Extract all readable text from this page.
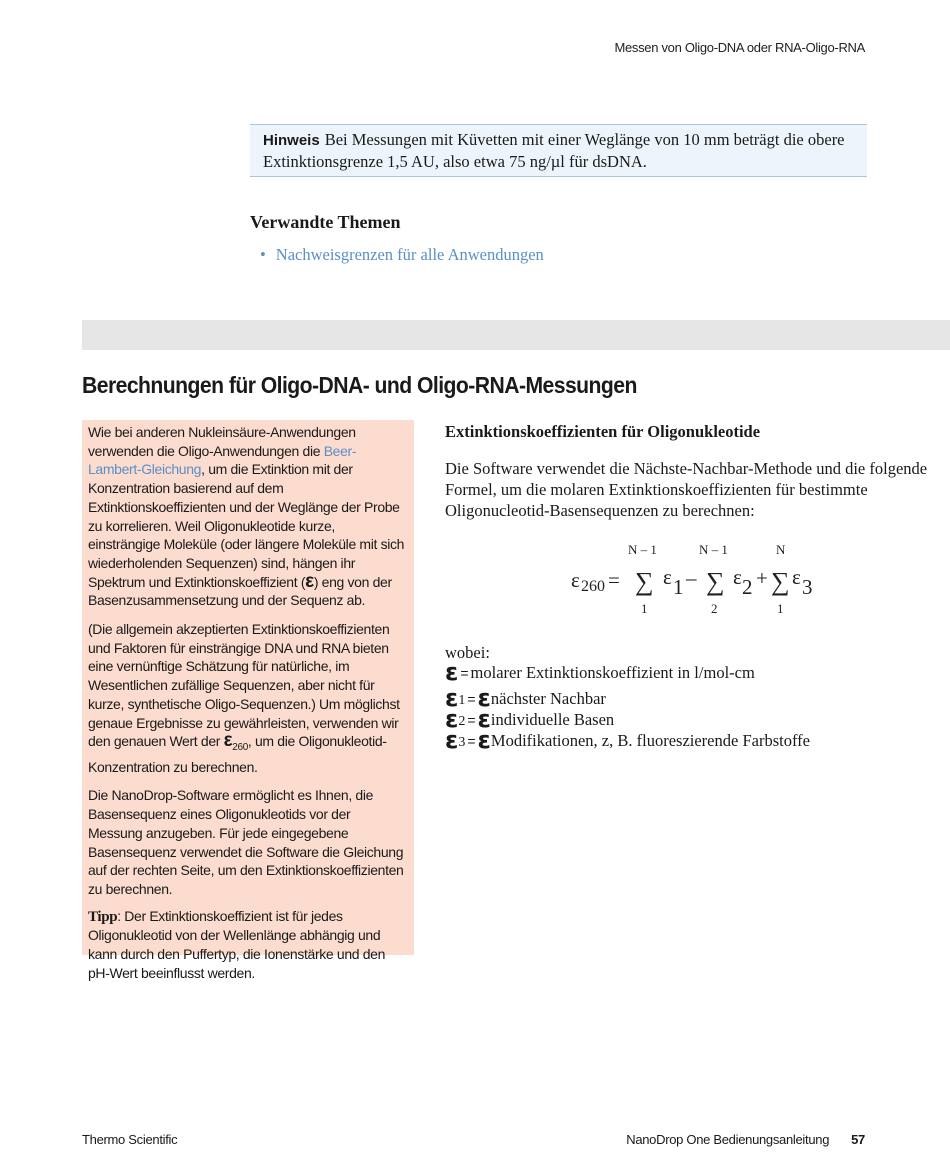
Messen von Oligo-DNA oder RNA-Oligo-RNA
Hinweis Bei Messungen mit Küvetten mit einer Weglänge von 10 mm beträgt die obere Extinktionsgrenze 1,5 AU, also etwa 75 ng/µl für dsDNA.
Verwandte Themen
• Nachweisgrenzen für alle Anwendungen
Berechnungen für Oligo-DNA- und Oligo-RNA-Messungen

Wie bei anderen Nukleinsäure-Anwendungen verwenden die Oligo-Anwendungen die Beer-Lambert-Gleichung, um die Extinktion mit der Konzentration basierend auf dem Extinktionskoeffizienten und der Weglänge der Probe zu korrelieren. Weil Oligonukleotide kurze, einsträngige Moleküle (oder längere Moleküle mit sich wiederholenden Sequenzen) sind, hängen ihr Spektrum und Extinktionskoeffizient (ε) eng von der Basenzusammensetzung und der Sequenz ab.

(Die allgemein akzeptierten Extinktionskoeffizienten und Faktoren für einsträngige DNA und RNA bieten eine vernünftige Schätzung für natürliche, im Wesentlichen zufällige Sequenzen, aber nicht für kurze, synthetische Oligo-Sequenzen.) Um möglichst genaue Ergebnisse zu gewährleisten, verwenden wir den genauen Wert der $\varepsilon_{260}$, um die Oligonukleotid-Konzentration zu berechnen.

Die NanoDrop-Software ermöglicht es Ihnen, die Basensequenz eines Oligonukleotids vor der Messung anzugeben. Für jede eingegebene Basensequenz verwendet die Software die Gleichung auf der rechten Seite, um den Extinktionskoeffizienten zu berechnen.

Tipp: Der Extinktionskoeffizient ist für jedes Oligonukleotid von der Wellenlänge abhängig und kann durch den Puffertyp, die Ionenstärke und den pH-Wert beeinflusst werden.

Extinktionskoeffizienten für Oligonukleotide
Die Software verwendet die Nächste-Nachbar-Methode und die folgende Formel, um die molaren Extinktionskoeffizienten für bestimmte Oligonucleotid-Basensequenzen zu berechnen:
N – 1	N – 1	N
ε 260 = ∑ ε 1 – ∑ ε 2 + ∑ ε 3
1	2	1
wobei:
ε = molarer Extinktionskoeffizient in l/mol-cm
ε1 =εnächster Nachbar
ε2 =εindividuelle Basen
ε3 =εModifikationen, z, B. fluoreszierende Farbstoffe
Thermo Scientific	NanoDrop One Bedienungsanleitung 57
